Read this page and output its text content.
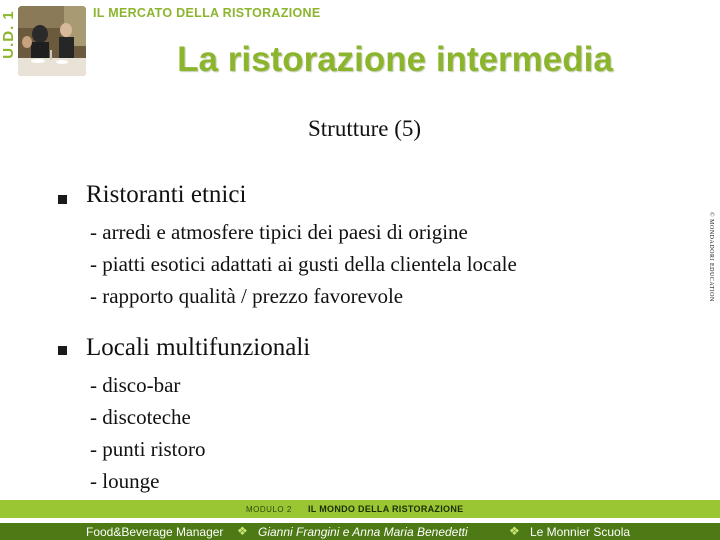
U.D. 1	IL MERCATO DELLA RISTORAZIONE
La ristorazione intermedia
Strutture (5)
Ristoranti etnici
- arredi e atmosfere tipici dei paesi di origine
- piatti esotici adattati ai gusti della clientela locale
- rapporto qualità / prezzo favorevole
Locali multifunzionali
- disco-bar
- discoteche
- punti ristoro
- lounge
© MONDADORI EDUCATION
MODULO 2 IL MONDO DELLA RISTORAZIONE
Food&Beverage Manager ❖ Gianni Frangini e Anna Maria Benedetti	❖ Le Monnier Scuola
